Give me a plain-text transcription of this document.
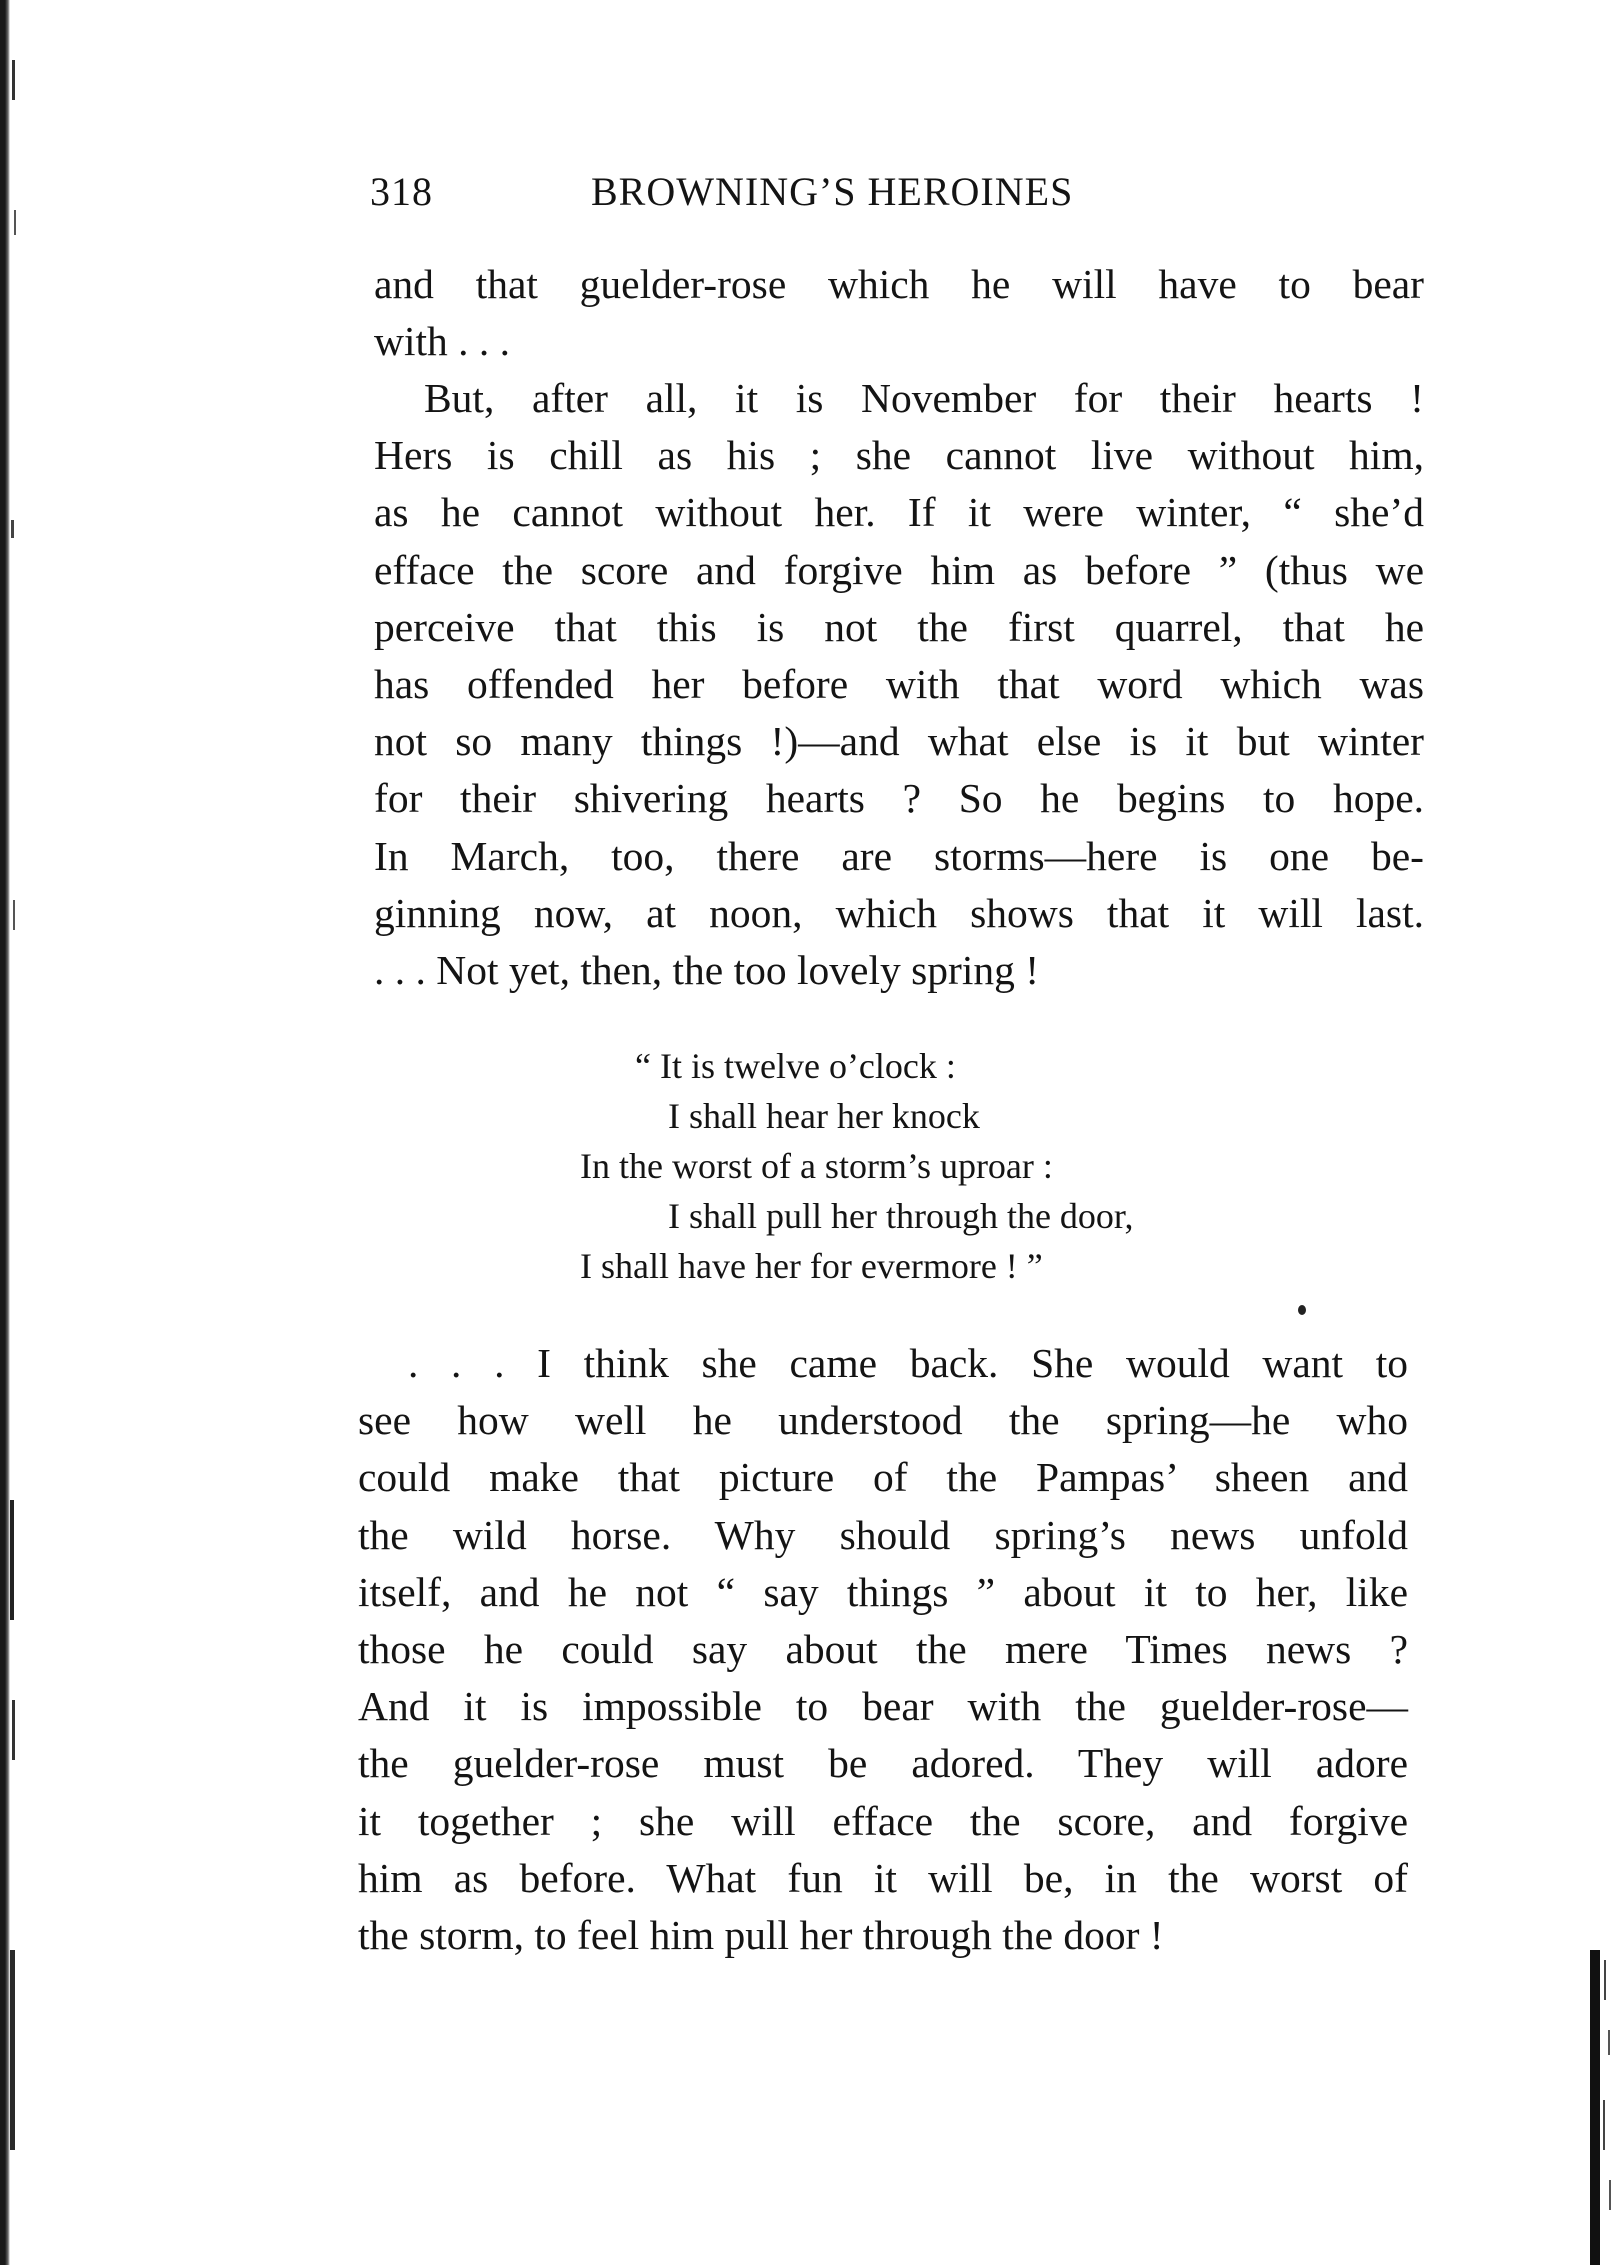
318	BROWNING’S HEROINES
and that guelder-rose which he will have to bear
with . . .
But, after all, it is November for their hearts !
Hers is chill as his ; she cannot live without him,
as he cannot without her. If it were winter, “ she’d
efface the score and forgive him as before ” (thus we
perceive that this is not the first quarrel, that he
has offended her before with that word which was
not so many things !)—and what else is it but winter
for their shivering hearts ? So he begins to hope.
In March, too, there are storms—here is one be-
ginning now, at noon, which shows that it will last.
. . . Not yet, then, the too lovely spring !
“ It is twelve o’clock :
I shall hear her knock
In the worst of a storm’s uproar :
I shall pull her through the door,
I shall have her for evermore ! ”
. . . I think she came back. She would want to
see how well he understood the spring—he who
could make that picture of the Pampas’ sheen and
the wild horse. Why should spring’s news unfold
itself, and he not “ say things ” about it to her, like
those he could say about the mere Times news ?
And it is impossible to bear with the guelder-rose—
the guelder-rose must be adored. They will adore
it together ; she will efface the score, and forgive
him as before. What fun it will be, in the worst of
the storm, to feel him pull her through the door !
